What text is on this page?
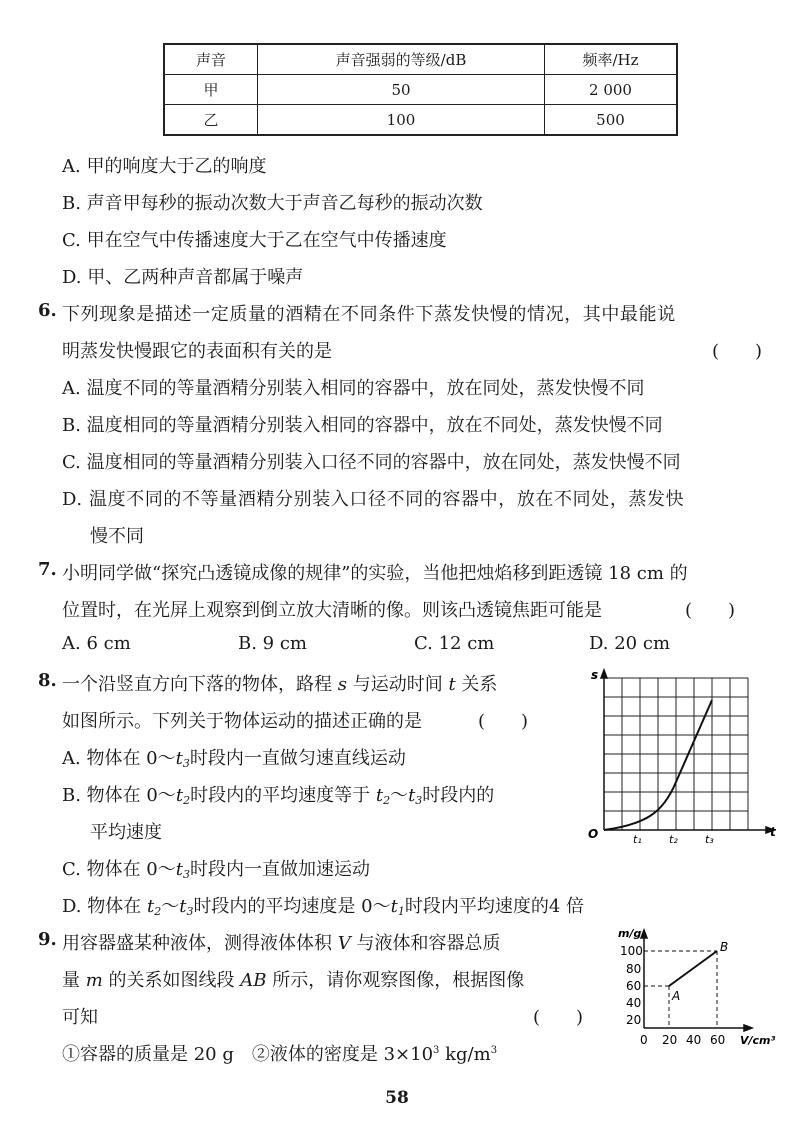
声音	声音强弱的等级/dB	频率/Hz
甲	50	2 000
乙	100	500
A. 甲的响度大于乙的响度
B. 声音甲每秒的振动次数大于声音乙每秒的振动次数
C. 甲在空气中传播速度大于乙在空气中传播速度
D. 甲、乙两种声音都属于噪声
6. 下列现象是描述一定质量的酒精在不同条件下蒸发快慢的情况，其中最能说
明蒸发快慢跟它的表面积有关的是	(　　)
A. 温度不同的等量酒精分别装入相同的容器中，放在同处，蒸发快慢不同
B. 温度相同的等量酒精分别装入相同的容器中，放在不同处，蒸发快慢不同
C. 温度相同的等量酒精分别装入口径不同的容器中，放在同处，蒸发快慢不同
D. 温度不同的不等量酒精分别装入口径不同的容器中，放在不同处，蒸发快
慢不同
7. 小明同学做“探究凸透镜成像的规律”的实验，当他把烛焰移到距透镜 18 cm 的
位置时，在光屏上观察到倒立放大清晰的像。则该凸透镜焦距可能是	(　　)
A. 6 cm	B. 9 cm	C. 12 cm	D. 20 cm
8. 一个沿竖直方向下落的物体，路程 s 与运动时间 t 关系
如图所示。下列关于物体运动的描述正确的是	(　　)
A. 物体在 $0\sim t_3$时段内一直做匀速直线运动
B. 物体在 $0\sim t_2$时段内的平均速度等于 $t_2\sim t_3$时段内的
平均速度
C. 物体在 $0\sim t_3$时段内一直做加速运动
D. 物体在 $t_2\sim t_3$时段内的平均速度是 $0\sim t_1$时段内平均速度的4 倍
s
t
O	t₁ t₂ t₃
9. 用容器盛某种液体，测得液体体积 V 与液体和容器总质
量 m 的关系如图线段 AB 所示，请你观察图像，根据图像
可知	(　　)
①容器的质量是 20 g　②液体的密度是 $3\times 10^3$ $kg/m^3$
m/g
V/cm³
100
80
60
40
20
0 20 40 60
A
B
58
